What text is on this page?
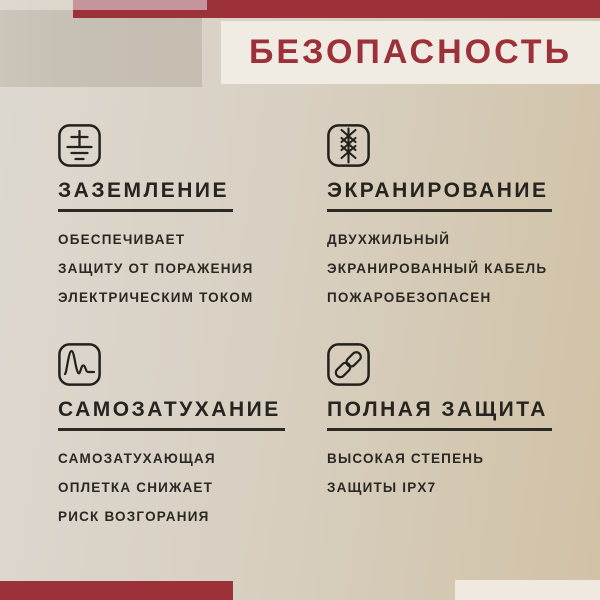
БЕЗОПАСНОСТЬ
ЗАЗЕМЛЕНИЕ
ОБЕСПЕЧИВАЕТ
ЗАЩИТУ ОТ ПОРАЖЕНИЯ
ЭЛЕКТРИЧЕСКИМ ТОКОМ
ЭКРАНИРОВАНИЕ
ДВУХЖИЛЬНЫЙ
ЭКРАНИРОВАННЫЙ КАБЕЛЬ
ПОЖАРОБЕЗОПАСЕН
САМОЗАТУХАНИЕ
САМОЗАТУХАЮЩАЯ
ОПЛЕТКА СНИЖАЕТ
РИСК ВОЗГОРАНИЯ
ПОЛНАЯ ЗАЩИТА
ВЫСОКАЯ СТЕПЕНЬ
ЗАЩИТЫ IPX7
